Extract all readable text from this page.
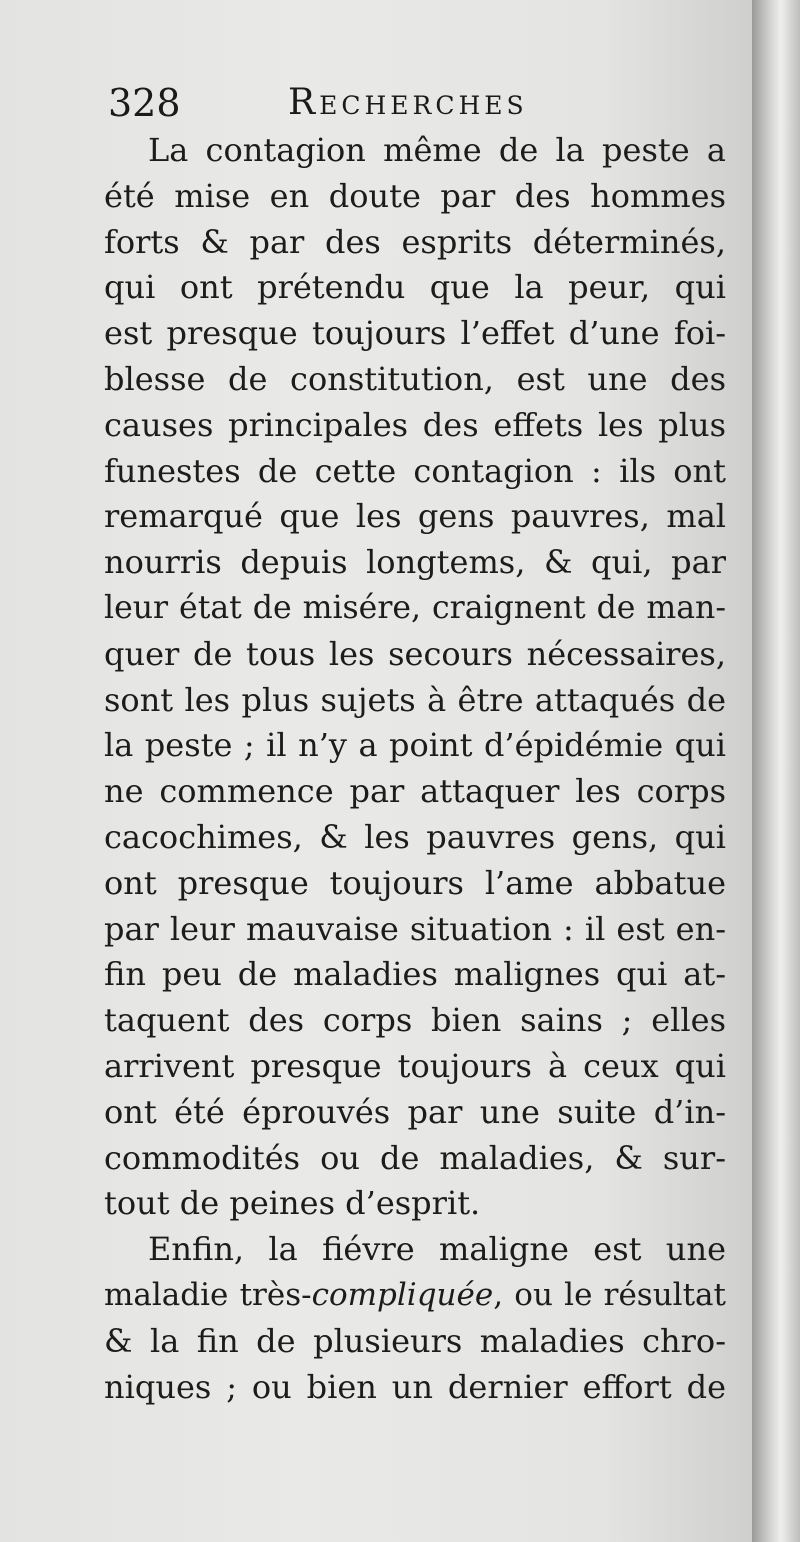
328	Recherches
La contagion même de la peste a
été mise en doute par des hommes
forts & par des esprits déterminés,
qui ont prétendu que la peur, qui
est presque toujours l’effet d’une foi-
blesse de constitution, est une des
causes principales des effets les plus
funestes de cette contagion : ils ont
remarqué que les gens pauvres, mal
nourris depuis longtems, & qui, par
leur état de misére, craignent de man-
quer de tous les secours nécessaires,
sont les plus sujets à être attaqués de
la peste ; il n’y a point d’épidémie qui
ne commence par attaquer les corps
cacochimes, & les pauvres gens, qui
ont presque toujours l’ame abbatue
par leur mauvaise situation : il est en-
fin peu de maladies malignes qui at-
taquent des corps bien sains ; elles
arrivent presque toujours à ceux qui
ont été éprouvés par une suite d’in-
commodités ou de maladies, & sur-
tout de peines d’esprit.
Enfin, la fiévre maligne est une
maladie très-compliquée, ou le résultat
& la fin de plusieurs maladies chro-
niques ; ou bien un dernier effort de
